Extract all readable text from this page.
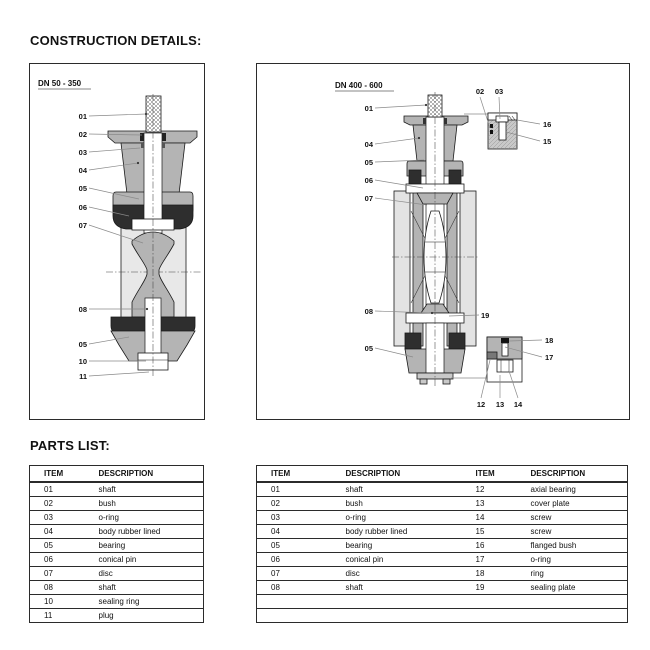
CONSTRUCTION DETAILS:
01
02
03
04
05
06
07
08
05
10
11
DN 50 - 350
01
04
05
06
07
08
05
02 03
12 13 14
16
15
19
18
17
DN 400 - 600
PARTS LIST:
ITEM	DESCRIPTION
01	shaft
02	bush
03	o-ring
04	body rubber lined
05	bearing
06	conical pin
07	disc
08	shaft
10	sealing ring
11	plug
ITEM	DESCRIPTION	ITEM	DESCRIPTION
01	shaft	12	axial bearing
02	bush	13	cover plate
03	o-ring	14	screw
04	body rubber lined	15	screw
05	bearing	16	flanged bush
06	conical pin	17	o-ring
07	disc	18	ring
08	shaft	19	sealing plate
